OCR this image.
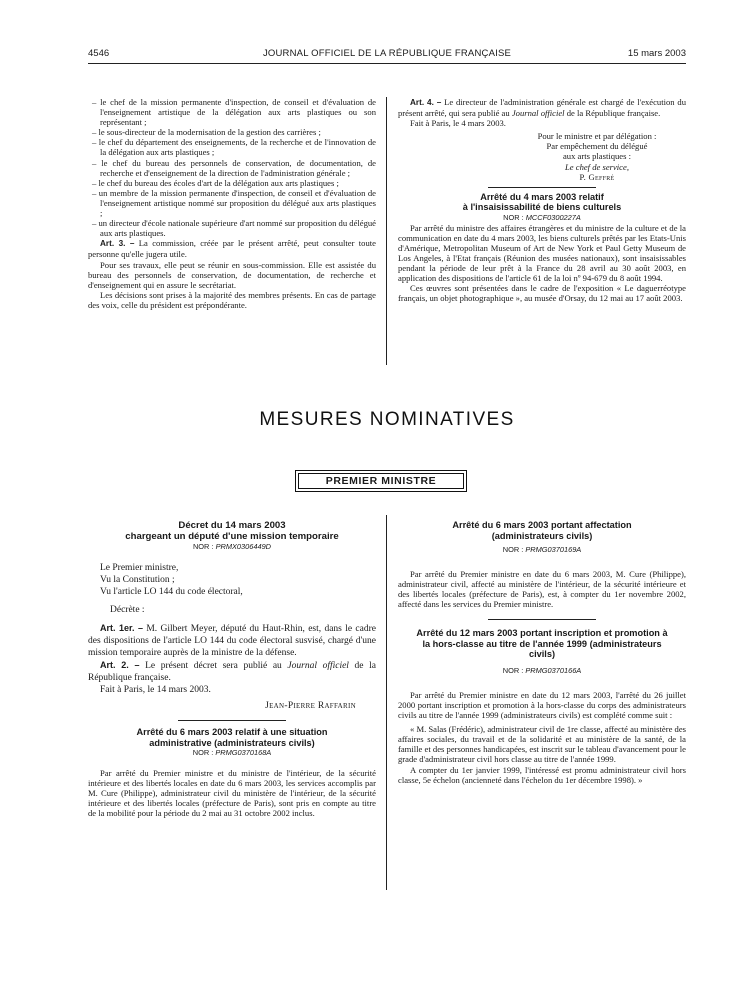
4546	JOURNAL OFFICIEL DE LA RÉPUBLIQUE FRANÇAISE	15 mars 2003

– le chef de la mission permanente d'inspection, de conseil et d'évaluation de l'enseignement artistique de la délégation aux arts plastiques ou son représentant ;

– le sous-directeur de la modernisation de la gestion des carrières ;

– le chef du département des enseignements, de la recherche et de l'innovation de la délégation aux arts plastiques ;

– le chef du bureau des personnels de conservation, de documentation, de recherche et d'enseignement de la direction de l'administration générale ;

– le chef du bureau des écoles d'art de la délégation aux arts plastiques ;

– un membre de la mission permanente d'inspection, de conseil et d'évaluation de l'enseignement artistique nommé sur proposition du délégué aux arts plastiques ;

– un directeur d'école nationale supérieure d'art nommé sur proposition du délégué aux arts plastiques.

Art. 3. – La commission, créée par le présent arrêté, peut consulter toute personne qu'elle jugera utile.

Pour ses travaux, elle peut se réunir en sous-commission. Elle est assistée du bureau des personnels de conservation, de documentation, de recherche et d'enseignement qui en assure le secrétariat.

Les décisions sont prises à la majorité des membres présents. En cas de partage des voix, celle du président est prépondérante.

Art. 4. – Le directeur de l'administration générale est chargé de l'exécution du présent arrêté, qui sera publié au Journal officiel de la République française.

Fait à Paris, le 4 mars 2003.

Pour le ministre et par délégation :

Par empêchement du délégué

aux arts plastiques :

Le chef de service,

P. Geffré

Arrêté du 4 mars 2003 relatif

à l'insaisissabilité de biens culturels

NOR : MCCF0300227A

Par arrêté du ministre des affaires étrangères et du ministre de la culture et de la communication en date du 4 mars 2003, les biens culturels prêtés par les Etats-Unis d'Amérique, Metropolitan Museum of Art de New York et Paul Getty Museum de Los Angeles, à l'Etat français (Réunion des musées nationaux), sont insaisissables pendant la période de leur prêt à la France du 28 avril au 30 août 2003, en application des dispositions de l'article 61 de la loi nº 94-679 du 8 août 1994.

Ces œuvres sont présentées dans le cadre de l'exposition « Le daguerréotype français, un objet photographique », au musée d'Orsay, du 12 mai au 17 août 2003.

MESURES NOMINATIVES
PREMIER MINISTRE

Décret du 14 mars 2003

chargeant un député d'une mission temporaire

NOR : PRMX0306449D

Le Premier ministre,

Vu la Constitution ;

Vu l'article LO 144 du code électoral,

Décrète :

Art. 1er. – M. Gilbert Meyer, député du Haut-Rhin, est, dans le cadre des dispositions de l'article LO 144 du code électoral susvisé, chargé d'une mission temporaire auprès de la ministre de la défense.

Art. 2. – Le présent décret sera publié au Journal officiel de la République française.

Fait à Paris, le 14 mars 2003.

Jean-Pierre Raffarin

Arrêté du 6 mars 2003 relatif à une situation

administrative (administrateurs civils)

NOR : PRMG0370168A

Par arrêté du Premier ministre et du ministre de l'intérieur, de la sécurité intérieure et des libertés locales en date du 6 mars 2003, les services accomplis par M. Cure (Philippe), administrateur civil du ministère de l'intérieur, de la sécurité intérieure et des libertés locales (préfecture de Paris), sont pris en compte au titre de la mobilité pour la période du 2 mai au 31 octobre 2002 inclus.

Arrêté du 6 mars 2003 portant affectation

(administrateurs civils)

NOR : PRMG0370169A

Par arrêté du Premier ministre en date du 6 mars 2003, M. Cure (Philippe), administrateur civil, affecté au ministère de l'intérieur, de la sécurité intérieure et des libertés locales (préfecture de Paris), est, à compter du 1er novembre 2002, affecté dans les services du Premier ministre.

Arrêté du 12 mars 2003 portant inscription et promotion à

la hors-classe au titre de l'année 1999 (administrateurs

civils)

NOR : PRMG0370166A

Par arrêté du Premier ministre en date du 12 mars 2003, l'arrêté du 26 juillet 2000 portant inscription et promotion à la hors-classe du corps des administrateurs civils au titre de l'année 1999 (administrateurs civils) est complété comme suit :

« M. Salas (Frédéric), administrateur civil de 1re classe, affecté au ministère des affaires sociales, du travail et de la solidarité et au ministère de la santé, de la famille et des personnes handicapées, est inscrit sur le tableau d'avancement pour le grade d'administrateur civil hors classe au titre de l'année 1999.

A compter du 1er janvier 1999, l'intéressé est promu administrateur civil hors classe, 5e échelon (ancienneté dans l'échelon du 1er décembre 1998). »
